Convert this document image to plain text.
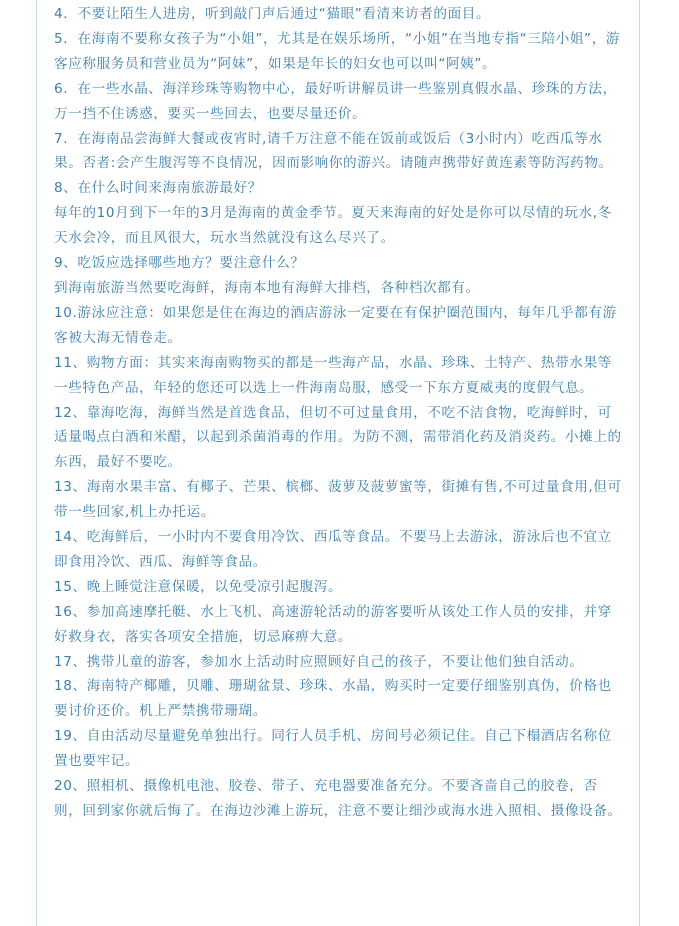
4．不要让陌生人进房，听到敲门声后通过“猫眼”看清来访者的面目。

5．在海南不要称女孩子为“小姐”，尤其是在娱乐场所，“小姐”在当地专指“三陪小姐”，游客应称服务员和营业员为“阿妹”，如果是年长的妇女也可以叫“阿姨”。

6．在一些水晶、海洋珍珠等购物中心，最好听讲解员讲一些鉴别真假水晶、珍珠的方法，万一挡不住诱惑，要买一些回去，也要尽量还价。

7．在海南品尝海鲜大餐或夜宵时,请千万注意不能在饭前或饭后（3小时内）吃西瓜等水果。否者:会产生腹泻等不良情况，因而影响你的游兴。请随声携带好黄连素等防泻药物。

8、在什么时间来海南旅游最好？

每年的10月到下一年的3月是海南的黄金季节。夏天来海南的好处是你可以尽情的玩水,冬天水会冷，而且风很大，玩水当然就没有这么尽兴了。

9、吃饭应选择哪些地方？要注意什么？

到海南旅游当然要吃海鲜，海南本地有海鲜大排档，各种档次都有。

10.游泳应注意：如果您是住在海边的酒店游泳一定要在有保护圈范围内，每年几乎都有游客被大海无情卷走。

11、购物方面：其实来海南购物买的都是一些海产品，水晶、珍珠、土特产、热带水果等一些特色产品，年轻的您还可以选上一件海南岛服，感受一下东方夏威夷的度假气息。

12、靠海吃海，海鲜当然是首选食品，但切不可过量食用，不吃不洁食物，吃海鲜时，可适量喝点白酒和米醋，以起到杀菌消毒的作用。为防不测，需带消化药及消炎药。小摊上的东西，最好不要吃。

13、海南水果丰富、有椰子、芒果、槟榔、菠萝及菠萝蜜等，街摊有售,不可过量食用,但可带一些回家,机上办托运。

14、吃海鲜后，一小时内不要食用冷饮、西瓜等食品。不要马上去游泳，游泳后也不宜立即食用冷饮、西瓜、海鲜等食品。

15、晚上睡觉注意保暖，以免受凉引起腹泻。

16、参加高速摩托艇、水上飞机、高速游轮活动的游客要听从该处工作人员的安排，并穿好救身衣，落实各项安全措施，切忌麻痹大意。

17、携带儿童的游客，参加水上活动时应照顾好自己的孩子，不要让他们独自活动。

18、海南特产椰雕，贝雕、珊瑚盆景、珍珠、水晶，购买时一定要仔细鉴别真伪，价格也要讨价还价。机上严禁携带珊瑚。

19、自由活动尽量避免单独出行。同行人员手机、房间号必须记住。自己下榻酒店名称位置也要牢记。

20、照相机、摄像机电池、胶卷、带子、充电器要准备充分。不要吝啬自己的胶卷，否则，回到家你就后悔了。在海边沙滩上游玩，注意不要让细沙或海水进入照相、摄像设备。
